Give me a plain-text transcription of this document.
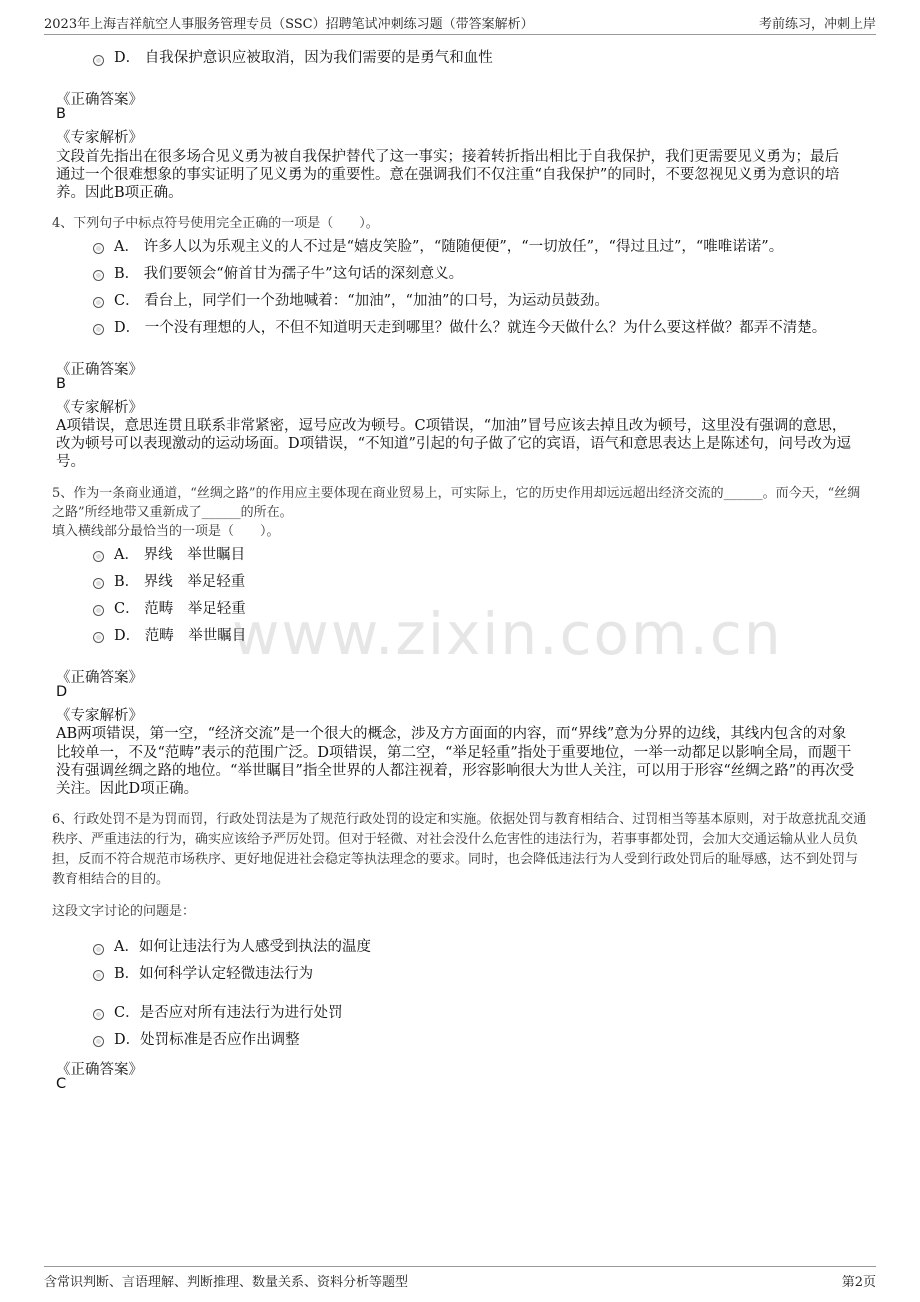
2023年上海吉祥航空人事服务管理专员（SSC）招聘笔试冲刺练习题（带答案解析）	考前练习，冲刺上岸
www.zixin.com.cn
D． 自我保护意识应被取消，因为我们需要的是勇气和血性
《正确答案》
B
《专家解析》
文段首先指出在很多场合见义勇为被自我保护替代了这一事实；接着转折指出相比于自我保护，我们更需要见义勇为；最后
通过一个很难想象的事实证明了见义勇为的重要性。意在强调我们不仅注重“自我保护”的同时，不要忽视见义勇为意识的培
养。因此B项正确。
4、下列句子中标点符号使用完全正确的一项是（　　）。
A． 许多人以为乐观主义的人不过是“嬉皮笑脸”，“随随便便”，“一切放任”，“得过且过”，“唯唯诺诺”。
B． 我们要领会“俯首甘为孺子牛”这句话的深刻意义。
C． 看台上，同学们一个劲地喊着：“加油”，“加油”的口号，为运动员鼓劲。
D． 一个没有理想的人，不但不知道明天走到哪里？做什么？就连今天做什么？为什么要这样做？都弄不清楚。
《正确答案》
B
《专家解析》
A项错误，意思连贯且联系非常紧密，逗号应改为顿号。C项错误，“加油”冒号应该去掉且改为顿号，这里没有强调的意思，
改为顿号可以表现激动的运动场面。D项错误，“不知道”引起的句子做了它的宾语，语气和意思表达上是陈述句，问号改为逗
号。
5、作为一条商业通道，“丝绸之路”的作用应主要体现在商业贸易上，可实际上，它的历史作用却远远超出经济交流的______。而今天，“丝绸
之路”所经地带又重新成了______的所在。
填入横线部分最恰当的一项是（　　）。
A． 界线　举世瞩目
B． 界线　举足轻重
C． 范畴　举足轻重
D． 范畴　举世瞩目
《正确答案》
D
《专家解析》
AB两项错误，第一空，“经济交流”是一个很大的概念，涉及方方面面的内容，而“界线”意为分界的边线，其线内包含的对象
比较单一，不及“范畴”表示的范围广泛。D项错误，第二空，“举足轻重”指处于重要地位，一举一动都足以影响全局，而题干
没有强调丝绸之路的地位。“举世瞩目”指全世界的人都注视着，形容影响很大为世人关注，可以用于形容“丝绸之路”的再次受
关注。因此D项正确。
6、行政处罚不是为罚而罚，行政处罚法是为了规范行政处罚的设定和实施。依据处罚与教育相结合、过罚相当等基本原则，对于故意扰乱交通
秩序、严重违法的行为，确实应该给予严厉处罚。但对于轻微、对社会没什么危害性的违法行为，若事事都处罚，会加大交通运输从业人员负
担，反而不符合规范市场秩序、更好地促进社会稳定等执法理念的要求。同时，也会降低违法行为人受到行政处罚后的耻辱感，达不到处罚与
教育相结合的目的。
这段文字讨论的问题是：
A．如何让违法行为人感受到执法的温度
B．如何科学认定轻微违法行为
C．是否应对所有违法行为进行处罚
D．处罚标准是否应作出调整
《正确答案》
C
含常识判断、言语理解、判断推理、数量关系、资料分析等题型	第2页
